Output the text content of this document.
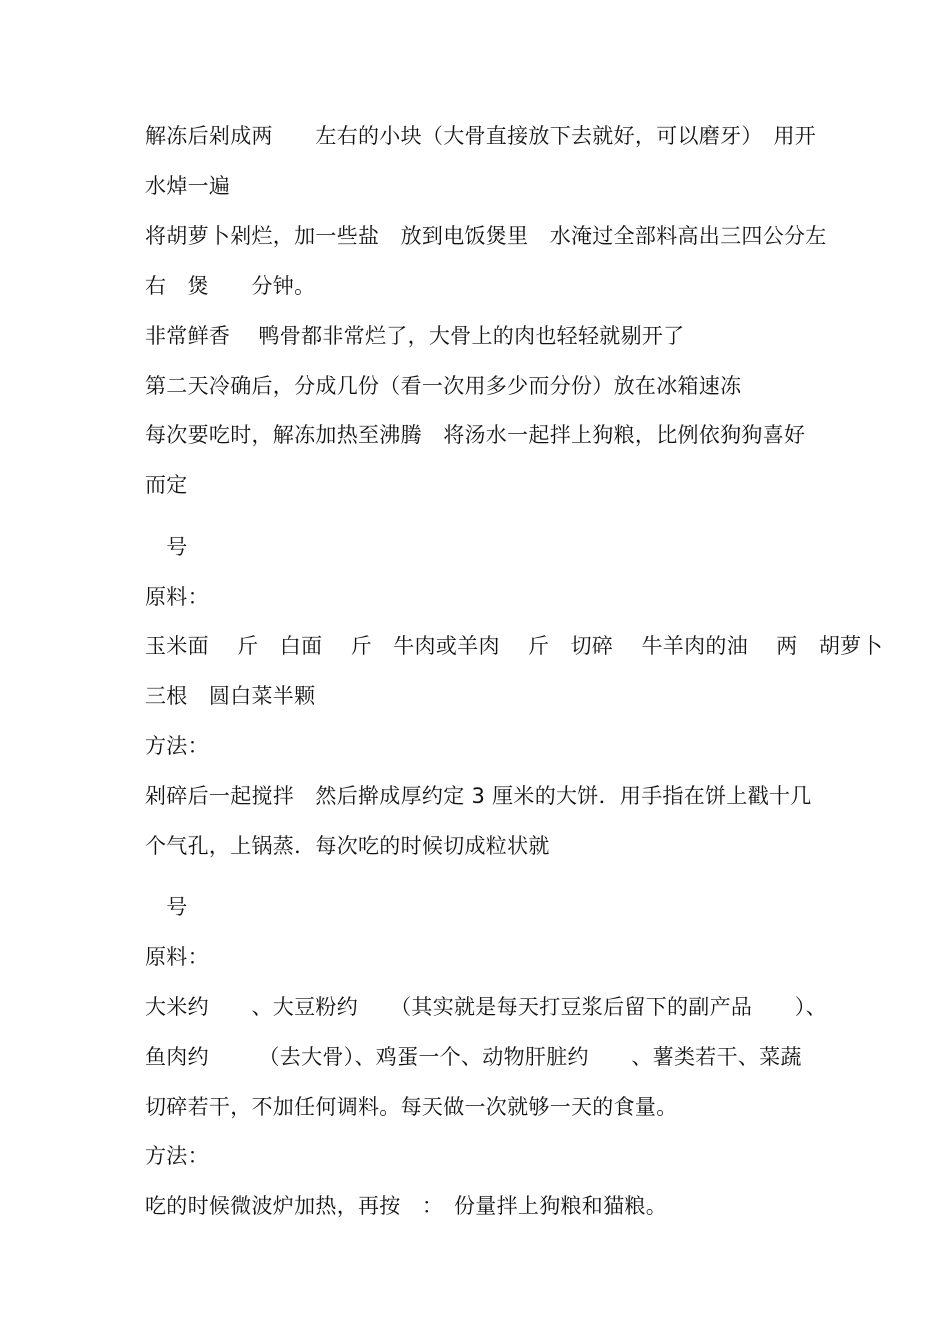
解冻后剁成两　　左右的小块（大骨直接放下去就好，可以磨牙）　用开
水焯一遍
将胡萝卜剁烂，加一些盐　放到电饭煲里　水淹过全部料高出三四公分左
右　煲　　分钟。
非常鲜香　 鸭骨都非常烂了，大骨上的肉也轻轻就剔开了
第二天冷确后，分成几份（看一次用多少而分份）放在冰箱速冻
每次要吃时，解冻加热至沸腾　将汤水一起拌上狗粮，比例依狗狗喜好
而定
　号
原料：
玉米面　 斤　白面　 斤　牛肉或羊肉　 斤　切碎　 牛羊肉的油　 两　胡萝卜
三根　圆白菜半颗
方法：
剁碎后一起搅拌　然后擀成厚约定 3 厘米的大饼．用手指在饼上戳十几
个气孔，上锅蒸．每次吃的时候切成粒状就
　号
原料：
大米约　　、大豆粉约　　（其实就是每天打豆浆后留下的副产品　　）、
鱼肉约　　 （去大骨）、鸡蛋一个、动物肝脏约　　、薯类若干、菜蔬
切碎若干，不加任何调料。每天做一次就够一天的食量。
方法：
吃的时候微波炉加热，再按　：　份量拌上狗粮和猫粮。
